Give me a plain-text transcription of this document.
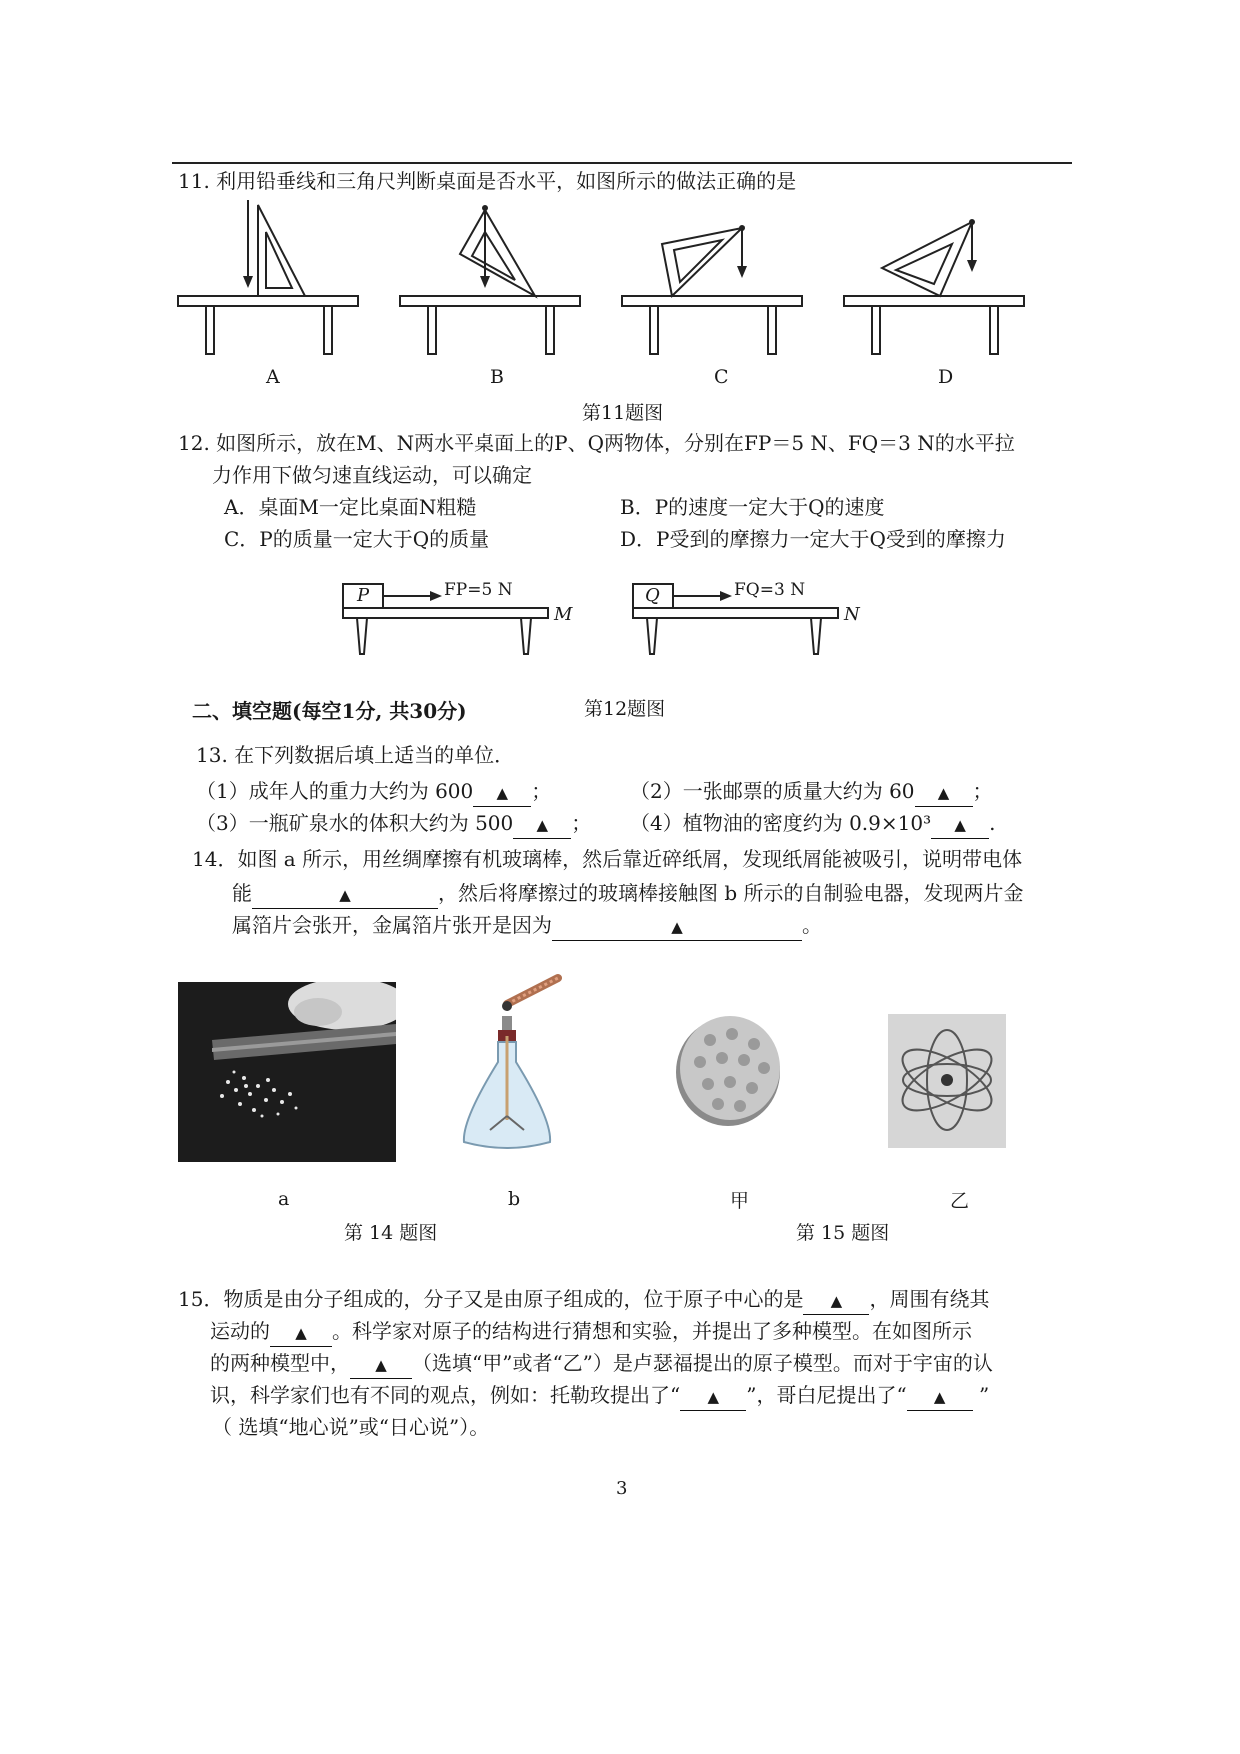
11. 利用铅垂线和三角尺判断桌面是否水平，如图所示的做法正确的是
A	B	C	D
第11题图
12. 如图所示，放在M、N两水平桌面上的P、Q两物体，分别在FP＝5 N、FQ＝3 N的水平拉
力作用下做匀速直线运动，可以确定
A．桌面M一定比桌面N粗糙	B．P的速度一定大于Q的速度
C．P的质量一定大于Q的质量	D．P受到的摩擦力一定大于Q受到的摩擦力
P	FP=5 N
M
Q	FQ=3 N
N
二、填空题(每空1分, 共30分)	第12题图
13. 在下列数据后填上适当的单位．
（1）成年人的重力大约为 600 ▲ ；	（2）一张邮票的质量大约为 60 ▲ ；
（3）一瓶矿泉水的体积大约为 500 ▲ ； （4）植物油的密度约为 0.9×10³ ▲ .
14．如图 a 所示，用丝绸摩擦有机玻璃棒，然后靠近碎纸屑，发现纸屑能被吸引，说明带电体
能	▲	，然后将摩擦过的玻璃棒接触图 b 所示的自制验电器，发现两片金
属箔片会张开，金属箔片张开是因为	▲	。
a	b	甲	乙
第 14 题图	第 15 题图
15．物质是由分子组成的，分子又是由原子组成的，位于原子中心的是 ▲ ，周围有绕其
运动的 ▲ 。科学家对原子的结构进行猜想和实验，并提出了多种模型。在如图所示
的两种模型中， ▲ （选填“甲”或者“乙”）是卢瑟福提出的原子模型。而对于宇宙的认
识，科学家们也有不同的观点，例如：托勒玫提出了“ ▲ ”，哥白尼提出了“ ▲ ”
（ 选填“地心说”或“日心说”）。
3
